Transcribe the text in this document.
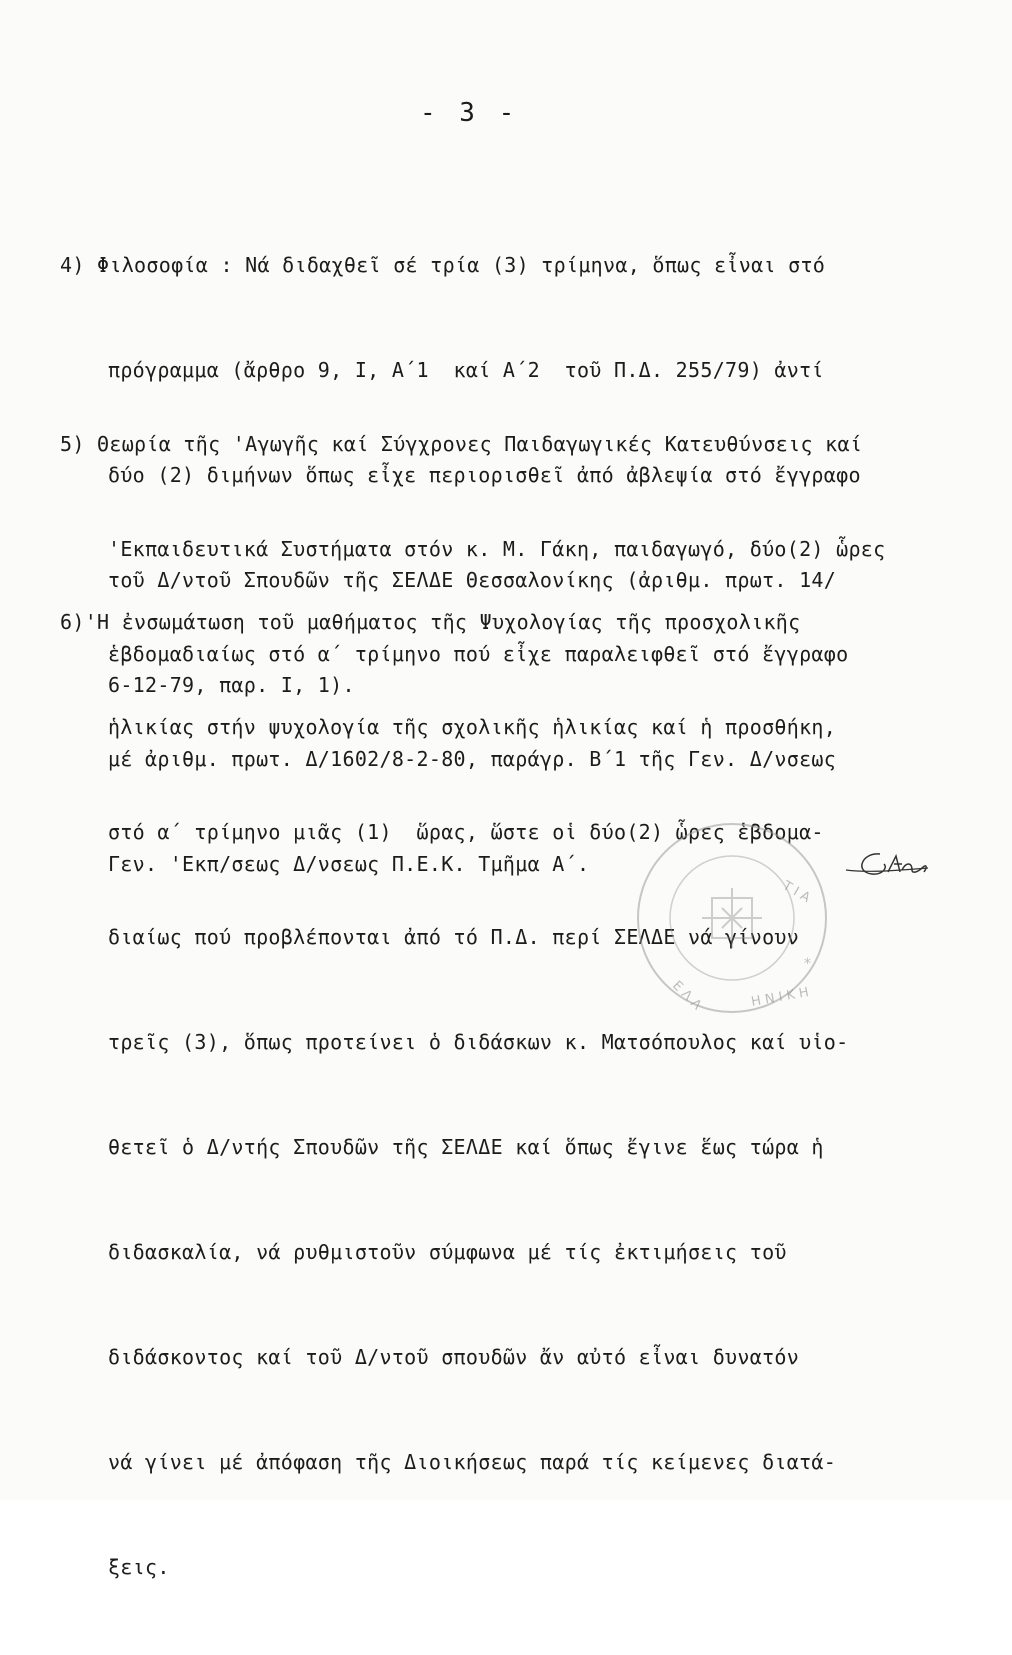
- 3 -

4) Φιλοσοφία : Νά διδαχθεῖ σέ τρία (3) τρίμηνα, ὅπως εἶναι στό

πρόγραμμα (ἄρθρο 9, Ι, Α΄1  καί Α΄2  τοῦ Π.Δ. 255/79) ἀντί

δύο (2) διμήνων ὅπως εἶχε περιορισθεῖ ἀπό ἀβλεψία στό ἔγγραφο

τοῦ Δ/ντοῦ Σπουδῶν τῆς ΣΕΛΔΕ Θεσσαλονίκης (ἀριθμ. πρωτ. 14/

6-12-79, παρ. Ι, 1).

5) Θεωρία τῆς 'Αγωγῆς καί Σύγχρονες Παιδαγωγικές Κατευθύνσεις καί

'Εκπαιδευτικά Συστήματα στόν κ. Μ. Γάκη, παιδαγωγό, δύο(2) ὧρες

ἑβδομαδιαίως στό α΄ τρίμηνο πού εἶχε παραλειφθεῖ στό ἔγγραφο

μέ ἀριθμ. πρωτ. Δ/1602/8-2-80, παράγρ. Β΄1 τῆς Γεν. Δ/νσεως

Γεν. 'Εκπ/σεως Δ/νσεως Π.Ε.Κ. Τμῆμα Α΄.

6)'Η ἐνσωμάτωση τοῦ μαθήματος τῆς Ψυχολογίας τῆς προσχολικῆς

ἡλικίας στήν ψυχολογία τῆς σχολικῆς ἡλικίας καί ἡ προσθήκη,

στό α΄ τρίμηνο μιᾶς (1)  ὥρας, ὥστε οἱ δύο(2) ὧρες ἑβδομα-

διαίως πού προβλέπονται ἀπό τό Π.Δ. περί ΣΕΛΔΕ νά γίνουν

τρεῖς (3), ὅπως προτείνει ὁ διδάσκων κ. Ματσόπουλος καί υἱο-

θετεῖ ὁ Δ/ντής Σπουδῶν τῆς ΣΕΛΔΕ καί ὅπως ἔγινε ἕως τώρα ἡ

διδασκαλία, νά ρυθμιστοῦν σύμφωνα μέ τίς ἐκτιμήσεις τοῦ

διδάσκοντος καί τοῦ Δ/ντοῦ σπουδῶν ἄν αὐτό εἶναι δυνατόν

νά γίνει μέ ἀπόφαση τῆς Διοικήσεως παρά τίς κείμενες διατά-

ξεις.

Τ Ι Α
Η Ν Ι Κ Η
Ε Λ Λ
*
